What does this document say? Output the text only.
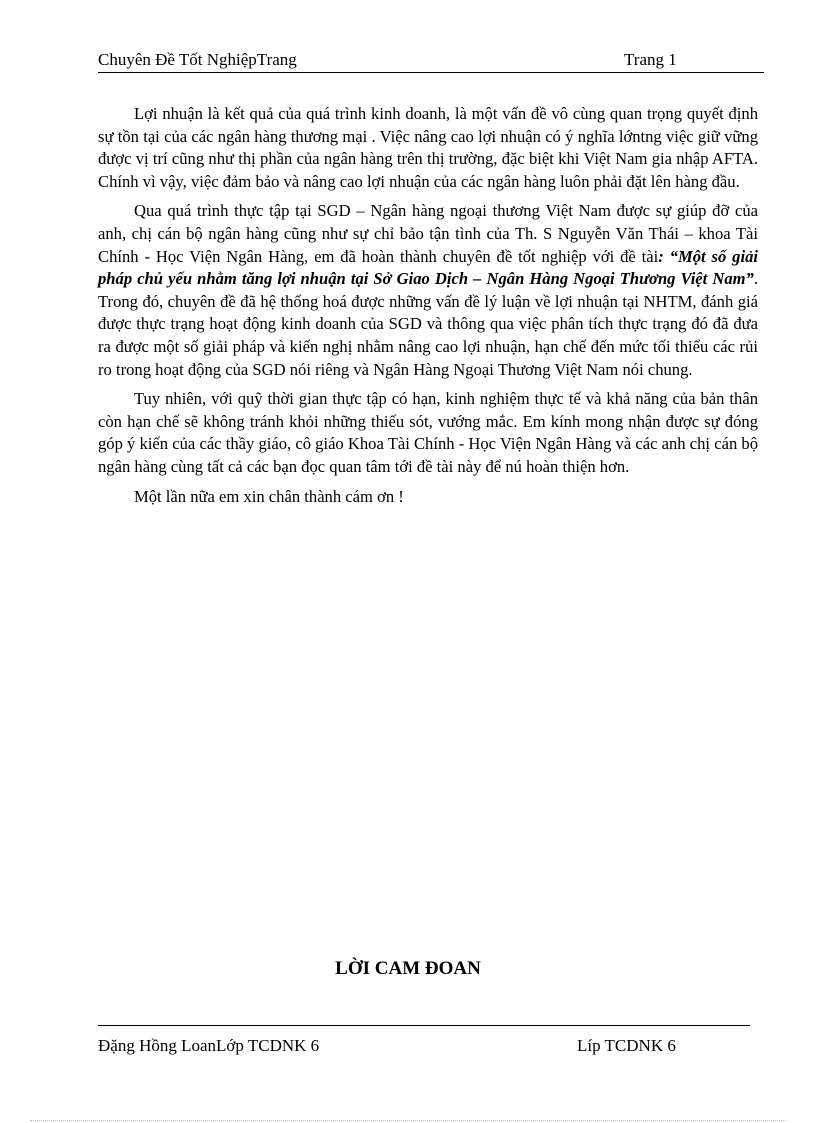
Chuyên Đề Tốt NghiệpTrang	Trang 1

Lợi nhuận là kết quả của quá trình kinh doanh, là một vấn đề vô cùng quan trọng quyết định sự tồn tại của các ngân hàng thương mại . Việc nâng cao lợi nhuận có ý nghĩa lớntng việc giữ vững được vị trí cũng như thị phần của ngân hàng trên thị trường, đặc biệt khi Việt Nam gia nhập AFTA. Chính vì vậy, việc đảm bảo và nâng cao lợi nhuận của các ngân hàng luôn phải đặt lên hàng đầu.

Qua quá trình thực tập tại SGD – Ngân hàng ngoại thương Việt Nam được sự giúp đỡ của anh, chị cán bộ ngân hàng cũng như sự chỉ bảo tận tình của Th. S Nguyễn Văn Thái – khoa Tài Chính - Học Viện Ngân Hàng, em đã hoàn thành chuyên đề tốt nghiệp với đề tài: “Một số giải pháp chủ yếu nhằm tăng lợi nhuận tại Sở Giao Dịch – Ngân Hàng Ngoại Thương Việt Nam”. Trong đó, chuyên đề đã hệ thống hoá được những vấn đề lý luận về lợi nhuận tại NHTM, đánh giá được thực trạng hoạt động kinh doanh của SGD và thông qua việc phân tích thực trạng đó đã đưa ra được một số giải pháp và kiến nghị nhằm nâng cao lợi nhuận, hạn chế đến mức tối thiểu các rủi ro trong hoạt động của SGD nói riêng và Ngân Hàng Ngoại Thương Việt Nam nói chung.

Tuy nhiên, với quỹ thời gian thực tập có hạn, kinh nghiệm thực tế và khả năng của bản thân còn hạn chế sẽ không tránh khỏi những thiếu sót, vướng mắc. Em kính mong nhận được sự đóng góp ý kiến của các thầy giáo, cô giáo Khoa Tài Chính - Học Viện Ngân Hàng và các anh chị cán bộ ngân hàng cùng tất cả các bạn đọc quan tâm tới đề tài này để nú hoàn thiện hơn.

Một lần nữa em xin chân thành cám ơn !

LỜI CAM ĐOAN
Đặng Hồng LoanLớp TCDNK 6	Líp TCDNK 6
